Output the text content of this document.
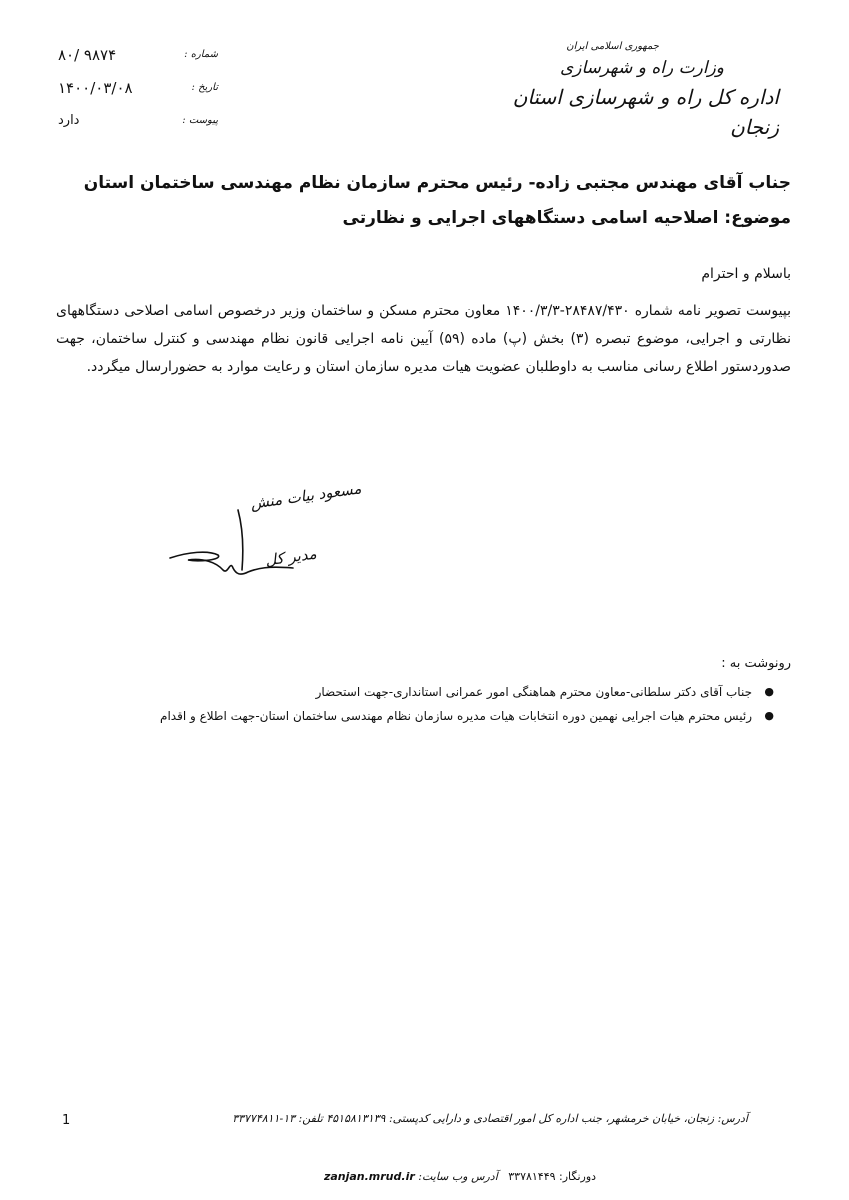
جمهوری اسلامی ایران
وزارت راه و شهرسازی
اداره کل راه و شهرسازی استان زنجان
۸۰/ ۹۸۷۴	شماره :
۱۴۰۰/۰۳/۰۸	تاریخ :
دارد	پیوست :
جناب آقای مهندس مجتبی زاده- رئیس محترم سازمان نظام مهندسی ساختمان استان
موضوع: اصلاحیه اسامی دستگاههای اجرایی و نظارتی
باسلام و احترام
بپیوست تصویر نامه شماره ۲۸۴۸۷/۴۳۰-۱۴۰۰/۳/۳ معاون محترم مسکن و ساختمان وزیر درخصوص اسامی اصلاحی دستگاههای نظارتی و اجرایی، موضوع تبصره (۳) بخش (پ) ماده (۵۹) آیین نامه اجرایی قانون نظام مهندسی و کنترل ساختمان، جهت صدوردستور اطلاع رسانی مناسب به داوطلبان عضویت هیات مدیره سازمان استان و رعایت موارد به حضورارسال میگردد.
مسعود بیات منش
مدیر کل
رونوشت به :
●
جناب آقای دکتر سلطانی-معاون محترم هماهنگی امور عمرانی استانداری-جهت استحضار
●
رئیس محترم هیات اجرایی نهمین دوره انتخابات هیات مدیره سازمان نظام مهندسی ساختمان استان-جهت اطلاع و اقدام
1	آدرس: زنجان، خیابان خرمشهر، جنب اداره کل امور اقتصادی و دارایی کدپستی: ۴۵۱۵۸۱۳۱۳۹ تلفن: ۱۳-۳۳۷۷۴۸۱۱
دورنگار: ۳۳۷۸۱۴۴۹   آدرس وب سایت: zanjan.mrud.ir
